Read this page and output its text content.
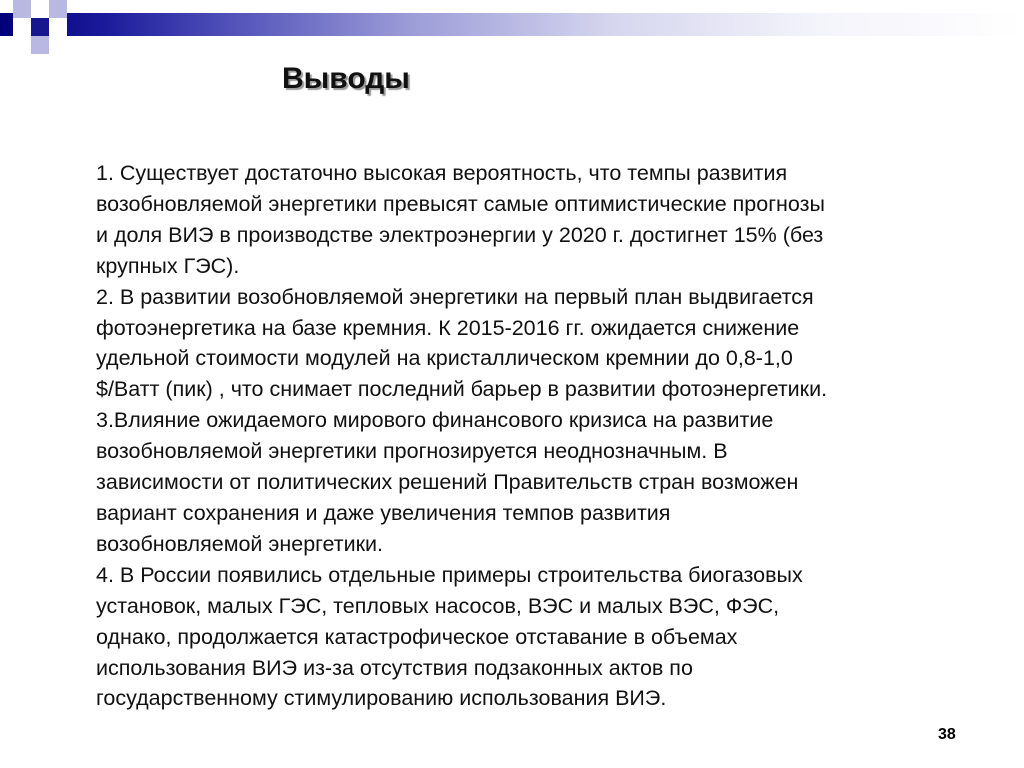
Выводы

1. Существует достаточно высокая вероятность, что темпы развития
возобновляемой энергетики превысят самые оптимистические прогнозы
и доля ВИЭ в производстве электроэнергии у 2020 г. достигнет 15% (без
крупных ГЭС).

2. В развитии возобновляемой энергетики на первый план выдвигается
фотоэнергетика на базе кремния. К 2015-2016 гг. ожидается снижение
удельной стоимости модулей на кристаллическом кремнии до 0,8-1,0
$/Ватт (пик) , что снимает последний барьер в развитии фотоэнергетики.

3.Влияние ожидаемого мирового финансового кризиса на развитие
возобновляемой энергетики прогнозируется неоднозначным. В
зависимости от политических решений Правительств стран возможен
вариант сохранения и даже увеличения темпов развития
возобновляемой энергетики.

4. В России появились отдельные примеры строительства биогазовых
установок, малых ГЭС, тепловых насосов, ВЭС и малых ВЭС, ФЭС,
однако, продолжается катастрофическое отставание в объемах
использования ВИЭ из-за отсутствия подзаконных актов по
государственному стимулированию использования ВИЭ.

38
